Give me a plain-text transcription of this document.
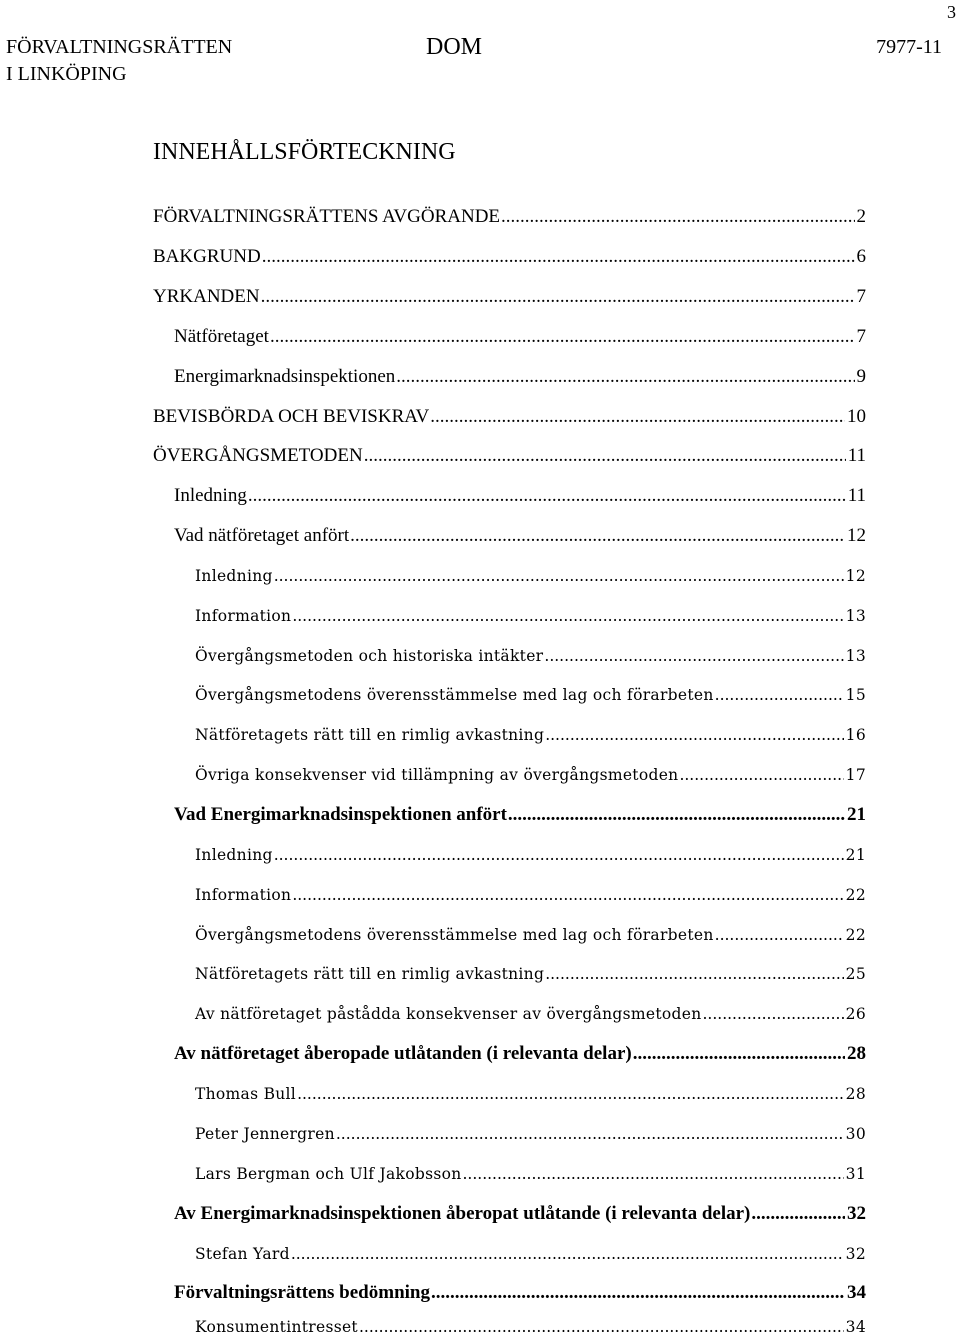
3
FÖRVALTNINGSRÄTTEN
I LINKÖPING
DOM	7977-11
INNEHÅLLSFÖRTECKNING
FÖRVALTNINGSRÄTTENS AVGÖRANDE .....	2
BAKGRUND .....	6
YRKANDEN .....	7
Nätföretaget .....	7
Energimarknadsinspektionen .....	9
BEVISBÖRDA OCH BEVISKRAV .....	10
ÖVERGÅNGSMETODEN .....	11
Inledning .....	11
Vad nätföretaget anfört .....	12
Inledning .....	12
Information .....	13
Övergångsmetoden och historiska intäkter .....	13
Övergångsmetodens överensstämmelse med lag och förarbeten .....	15
Nätföretagets rätt till en rimlig avkastning .....	16
Övriga konsekvenser vid tillämpning av övergångsmetoden .....	17
Vad Energimarknadsinspektionen anfört .....	21
Inledning .....	21
Information .....	22
Övergångsmetodens överensstämmelse med lag och förarbeten .....	22
Nätföretagets rätt till en rimlig avkastning .....	25
Av nätföretaget påstådda konsekvenser av övergångsmetoden .....	26
Av nätföretaget åberopade utlåtanden (i relevanta delar) .....	28
Thomas Bull .....	28
Peter Jennergren .....	30
Lars Bergman och Ulf Jakobsson .....	31
Av Energimarknadsinspektionen åberopat utlåtande (i relevanta delar) .....	32
Stefan Yard .....	32
Förvaltningsrättens bedömning .....	34
Konsumentintresset .....	34
